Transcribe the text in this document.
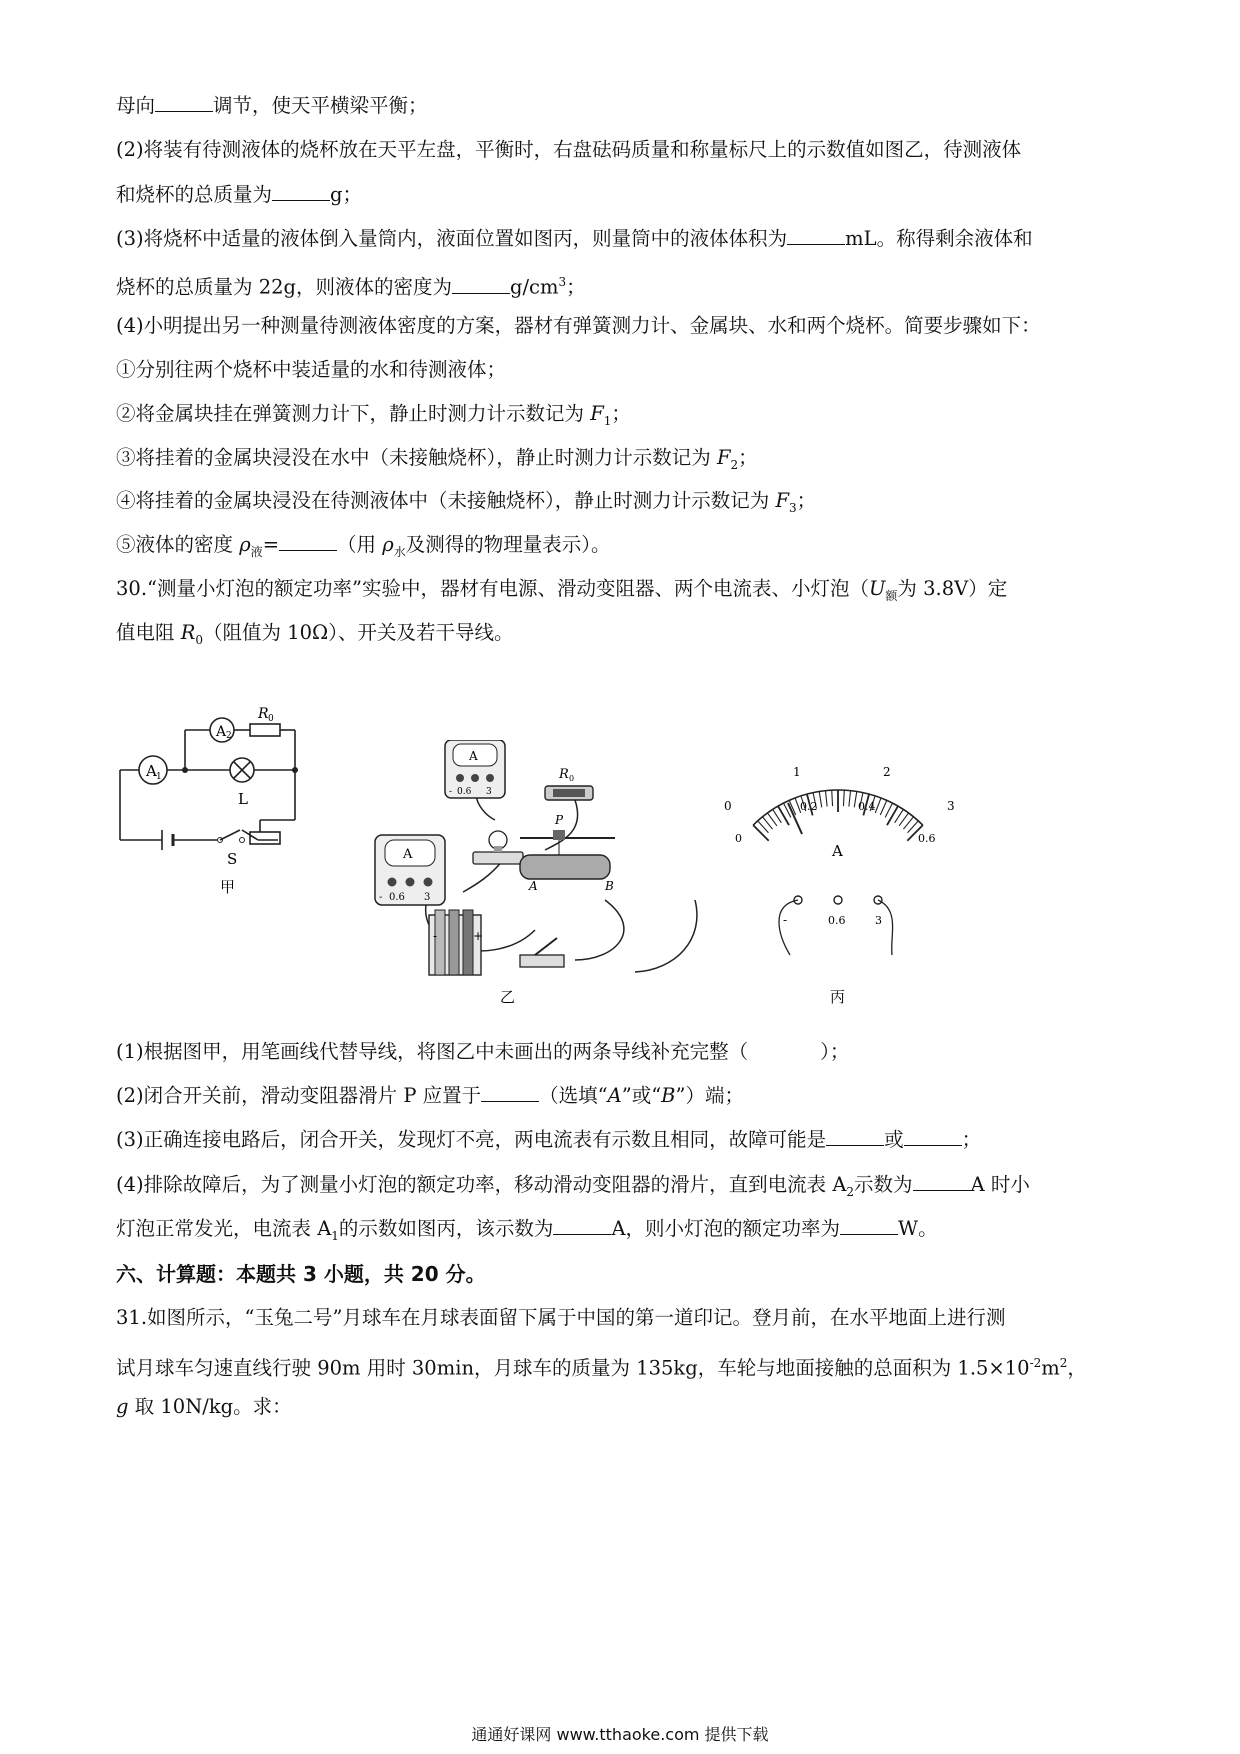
母向	调节，使天平横梁平衡；
(2)将装有待测液体的烧杯放在天平左盘，平衡时，右盘砝码质量和称量标尺上的示数值如图乙，待测液体
和烧杯的总质量为	g；
(3)将烧杯中适量的液体倒入量筒内，液面位置如图丙，则量筒中的液体体积为	mL。称得剩余液体和
烧杯的总质量为 22g，则液体的密度为	$g/cm^3$；
(4)小明提出另一种测量待测液体密度的方案，器材有弹簧测力计、金属块、水和两个烧杯。简要步骤如下：
①分别往两个烧杯中装适量的水和待测液体；
②将金属块挂在弹簧测力计下，静止时测力计示数记为 $F_1$；
③将挂着的金属块浸没在水中（未接触烧杯），静止时测力计示数记为 $F_2$；
④将挂着的金属块浸没在待测液体中（未接触烧杯），静止时测力计示数记为 $F_3$；
⑤液体的密度 $\rho_液=$	（用 $\rho_水$及测得的物理量表示）。
30.“测量小灯泡的额定功率”实验中，器材有电源、滑动变阻器、两个电流表、小灯泡（$U_额$为 3.8V）定
值电阻 $R_0$（阻值为 10Ω）、开关及若干导线。
A 1
A 2
R 0
L
S
甲
A
- 0.6 3
R 0
A
- 0.6 3
P
A	B
-	+
乙
0
1	2
3
0
0.2	0.4
0.6
A
-	0.6	3
丙
(1)根据图甲，用笔画线代替导线，将图乙中未画出的两条导线补充完整（	）；
(2)闭合开关前，滑动变阻器滑片 P 应置于	（选填“A”或“B”）端；
(3)正确连接电路后，闭合开关，发现灯不亮，两电流表有示数且相同，故障可能是	或	；
(4)排除故障后，为了测量小灯泡的额定功率，移动滑动变阻器的滑片，直到电流表 $A_2$示数为	A 时小
灯泡正常发光，电流表 $A_1$的示数如图丙，该示数为	A，则小灯泡的额定功率为	W。
六、计算题：本题共 3 小题，共 20 分。
31.如图所示，“玉兔二号”月球车在月球表面留下属于中国的第一道印记。登月前，在水平地面上进行测
试月球车匀速直线行驶 90m 用时 30min，月球车的质量为 135kg，车轮与地面接触的总面积为 $1.5\times 10^{-2}m^2$，
g 取 10N/kg。求：
通通好课网 www.tthaoke.com 提供下载
